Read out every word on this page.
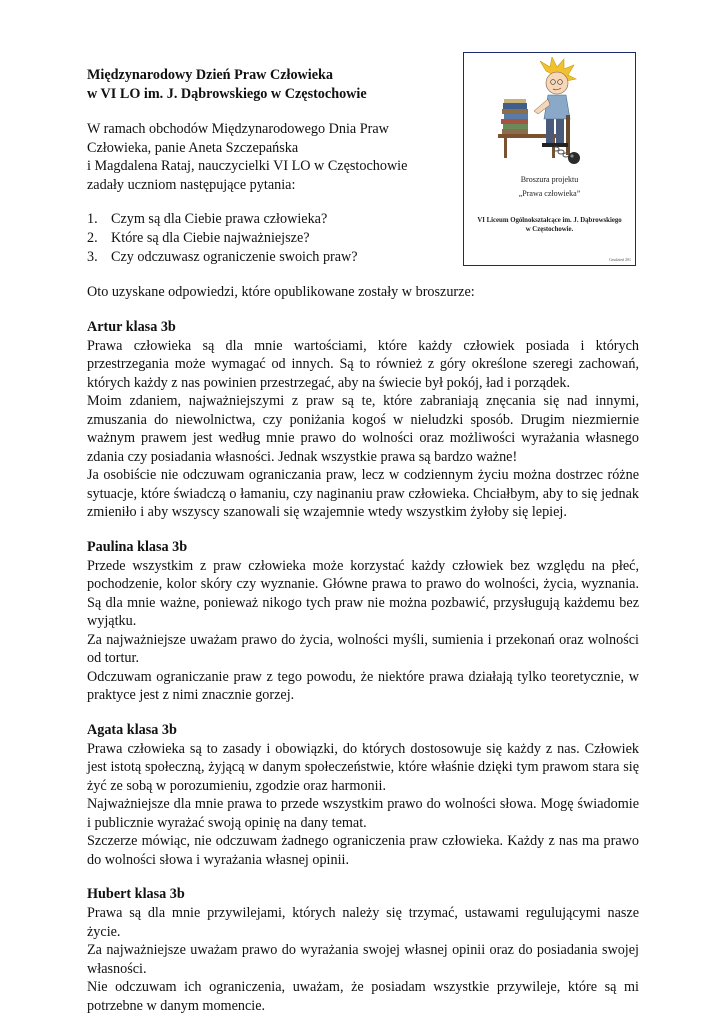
Broszura projektu
„Prawa człowieka”
VI Liceum Ogólnokształcące im. J. Dąbrowskiego
w Częstochowie.
Grudzień 201

Międzynarodowy Dzień Praw Człowieka

w VI LO im. J. Dąbrowskiego w Częstochowie

W ramach obchodów Międzynarodowego Dnia Praw
Człowieka, panie Aneta Szczepańska
i Magdalena Rataj, nauczycielki VI LO w Częstochowie
zadały uczniom następujące pytania:
1. Czym są dla Ciebie prawa człowieka?
2. Które są dla Ciebie najważniejsze?
3. Czy odczuwasz ograniczenie swoich praw?

Oto uzyskane odpowiedzi, które opublikowane zostały w broszurze:

Artur klasa 3b

Prawa człowieka są dla mnie wartościami, które każdy człowiek posiada i których przestrzegania może wymagać od innych. Są to również z góry określone szeregi zachowań, których każdy z nas powinien przestrzegać, aby na świecie był pokój, ład i porządek.

Moim zdaniem, najważniejszymi z praw są te, które zabraniają znęcania się nad innymi, zmuszania do niewolnictwa, czy poniżania kogoś w nieludzki sposób. Drugim niezmiernie ważnym prawem jest według mnie prawo do wolności oraz możliwości wyrażania własnego zdania czy posiadania własności. Jednak wszystkie prawa są bardzo ważne!

Ja osobiście nie odczuwam ograniczania praw, lecz w codziennym życiu można dostrzec różne sytuacje, które świadczą o łamaniu, czy naginaniu praw człowieka. Chciałbym, aby to się jednak zmieniło i aby wszyscy szanowali się wzajemnie wtedy wszystkim żyłoby się lepiej.

Paulina klasa 3b

Przede wszystkim z praw człowieka może korzystać każdy człowiek bez względu na płeć, pochodzenie, kolor skóry czy wyznanie. Główne prawa to prawo do wolności, życia, wyznania. Są dla mnie ważne, ponieważ nikogo tych praw nie można pozbawić, przysługują każdemu bez wyjątku.

Za najważniejsze uważam prawo do życia, wolności myśli, sumienia i przekonań oraz wolności od tortur.

Odczuwam ograniczanie praw z tego powodu, że niektóre prawa działają tylko teoretycznie, w praktyce jest z nimi znacznie gorzej.

Agata klasa 3b

Prawa człowieka są to zasady i obowiązki, do których dostosowuje się każdy z nas. Człowiek jest istotą społeczną, żyjącą w danym społeczeństwie, które właśnie dzięki tym prawom stara się żyć ze sobą w porozumieniu, zgodzie oraz harmonii.

Najważniejsze dla mnie prawa to przede wszystkim prawo do wolności słowa. Mogę świadomie i publicznie wyrażać swoją opinię na dany temat.

Szczerze mówiąc, nie odczuwam żadnego ograniczenia praw człowieka. Każdy z nas ma prawo do wolności słowa i wyrażania własnej opinii.

Hubert klasa 3b

Prawa są dla mnie przywilejami, których należy się trzymać, ustawami regulującymi nasze życie.

Za najważniejsze uważam prawo do wyrażania swojej własnej opinii oraz do posiadania swojej własności.

Nie odczuwam ich ograniczenia, uważam, że posiadam wszystkie przywileje, które są mi potrzebne w danym momencie.
